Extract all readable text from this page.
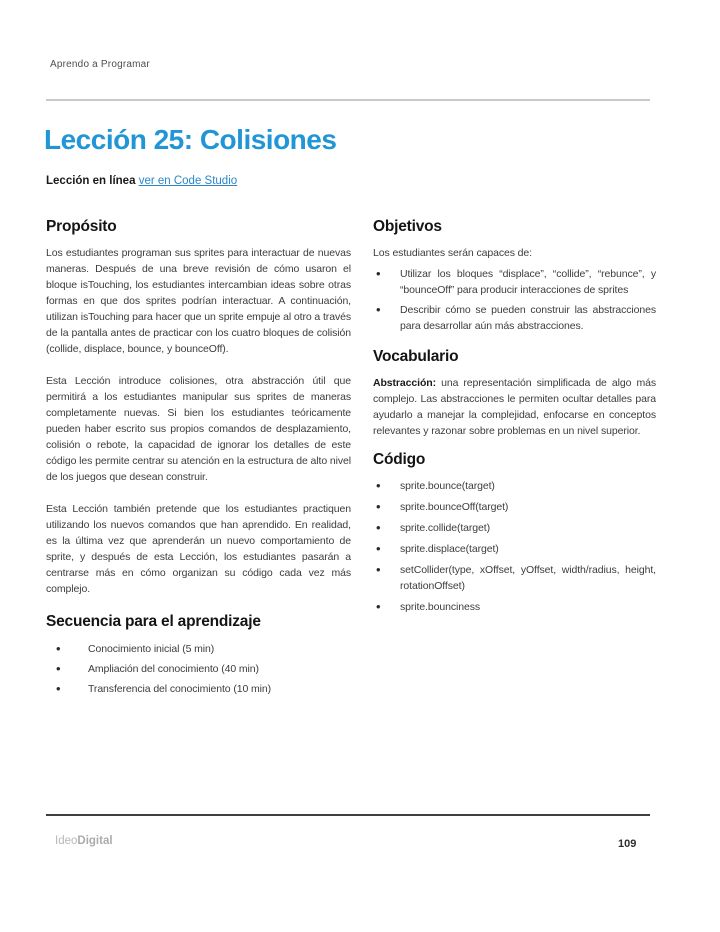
Aprendo a Programar
Lección 25: Colisiones
Lección en línea ver en Code Studio
Propósito

Los estudiantes programan sus sprites para interactuar de nuevas maneras. Después de una breve revisión de cómo usaron el bloque isTouching, los estudiantes intercambian ideas sobre otras formas en que dos sprites podrían interactuar. A continuación, utilizan isTouching para hacer que un sprite empuje al otro a través de la pantalla antes de practicar con los cuatro bloques de colisión (collide, displace, bounce, y bounceOff).

Esta Lección introduce colisiones, otra abstracción útil que permitirá a los estudiantes manipular sus sprites de maneras completamente nuevas. Si bien los estudiantes teóricamente pueden haber escrito sus propios comandos de desplazamiento, colisión o rebote, la capacidad de ignorar los detalles de este código les permite centrar su atención en la estructura de alto nivel de los juegos que desean construir.

Esta Lección también pretende que los estudiantes practiquen utilizando los nuevos comandos que han aprendido. En realidad, es la última vez que aprenderán un nuevo comportamiento de sprite, y después de esta Lección, los estudiantes pasarán a centrarse más en cómo organizan su código cada vez más complejo.

Secuencia para el aprendizaje
• Conocimiento inicial (5 min)
• Ampliación del conocimiento (40 min)
• Transferencia del conocimiento (10 min)
Objetivos

Los estudiantes serán capaces de:

• Utilizar los bloques “displace”, “collide”, “rebunce”, y “bounceOff” para producir interacciones de sprites
• Describir cómo se pueden construir las abstracciones para desarrollar aún más abstracciones.
Vocabulario

Abstracción: una representación simplificada de algo más complejo. Las abstracciones le permiten ocultar detalles para ayudarlo a manejar la complejidad, enfocarse en conceptos relevantes y razonar sobre problemas en un nivel superior.

Código
• sprite.bounce(target)
• sprite.bounceOff(target)
• sprite.collide(target)
• sprite.displace(target)
• setCollider(type, xOffset, yOffset, width/radius, height, rotationOffset)
• sprite.bounciness
IdeoDigital	109
